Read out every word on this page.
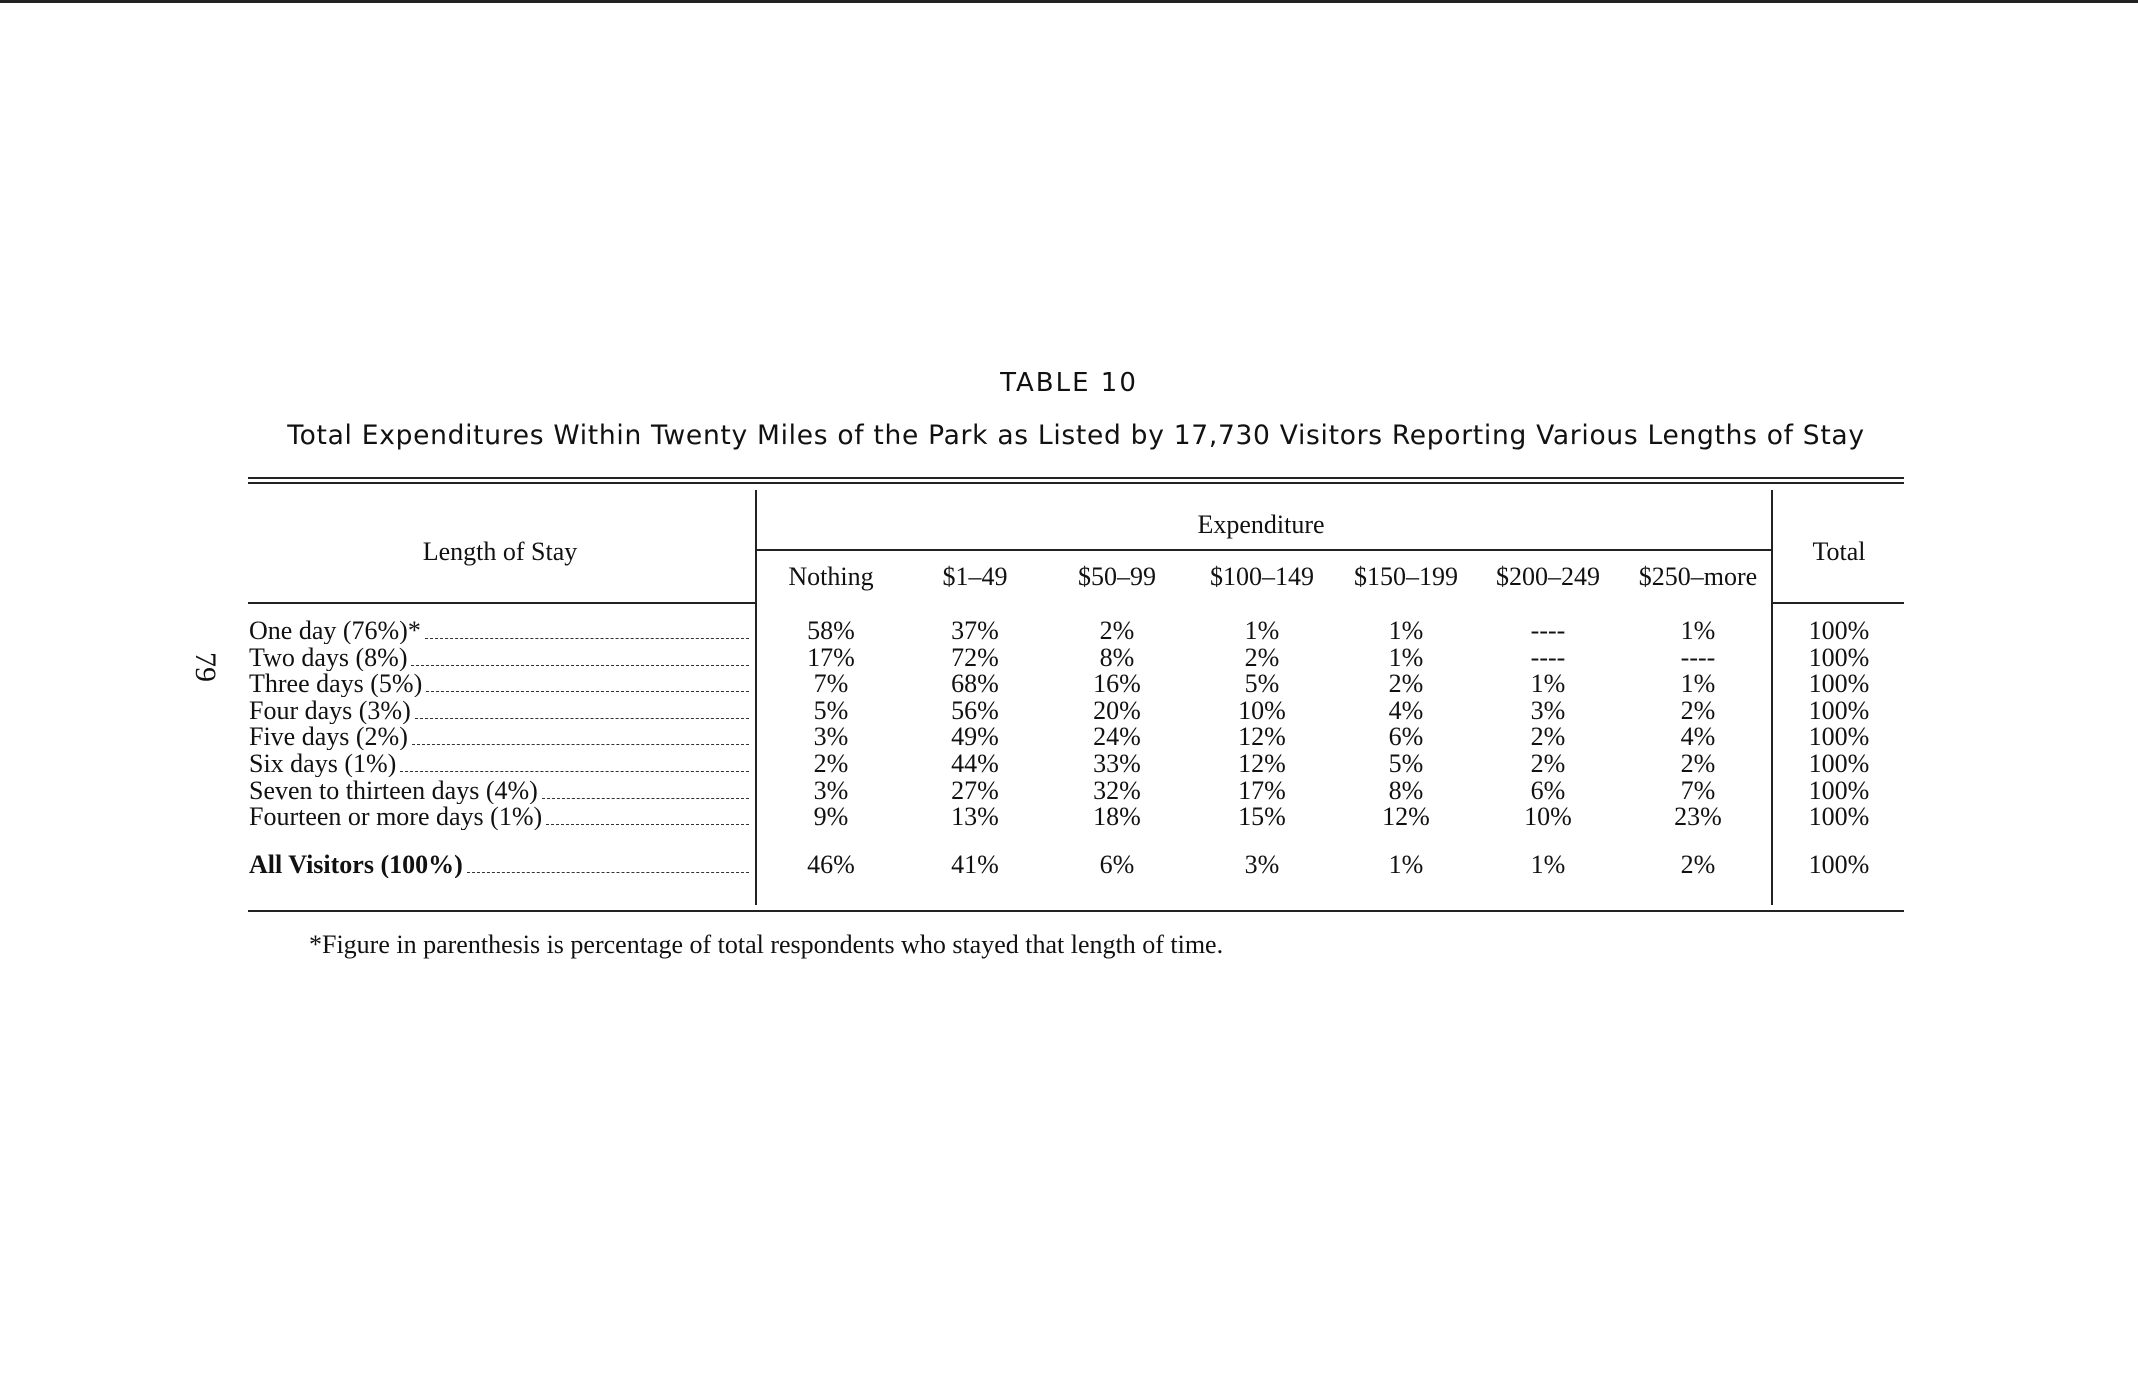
79
TABLE 10
Total Expenditures Within Twenty Miles of the Park as Listed by 17,730 Visitors Reporting Various Lengths of Stay
Length of Stay
Expenditure
Total
Nothing	$1–49	$50–99 $100–149 $150–199 $200–249 $250–more
One day (76%)*	58%	37%	2%	1%	1%	----	1%	100%
Two days (8%)	17%	72%	8%	2%	1%	----	----	100%
Three days (5%)	7%	68%	16%	5%	2%	1%	1%	100%
Four days (3%)	5%	56%	20%	10%	4%	3%	2%	100%
Five days (2%)	3%	49%	24%	12%	6%	2%	4%	100%
Six days (1%)	2%	44%	33%	12%	5%	2%	2%	100%
Seven to thirteen days (4%)	3%	27%	32%	17%	8%	6%	7%	100%
Fourteen or more days (1%)	9%	13%	18%	15%	12%	10%	23%	100%
All Visitors (100%)	46%	41%	6%	3%	1%	1%	2%	100%
*Figure in parenthesis is percentage of total respondents who stayed that length of time.
